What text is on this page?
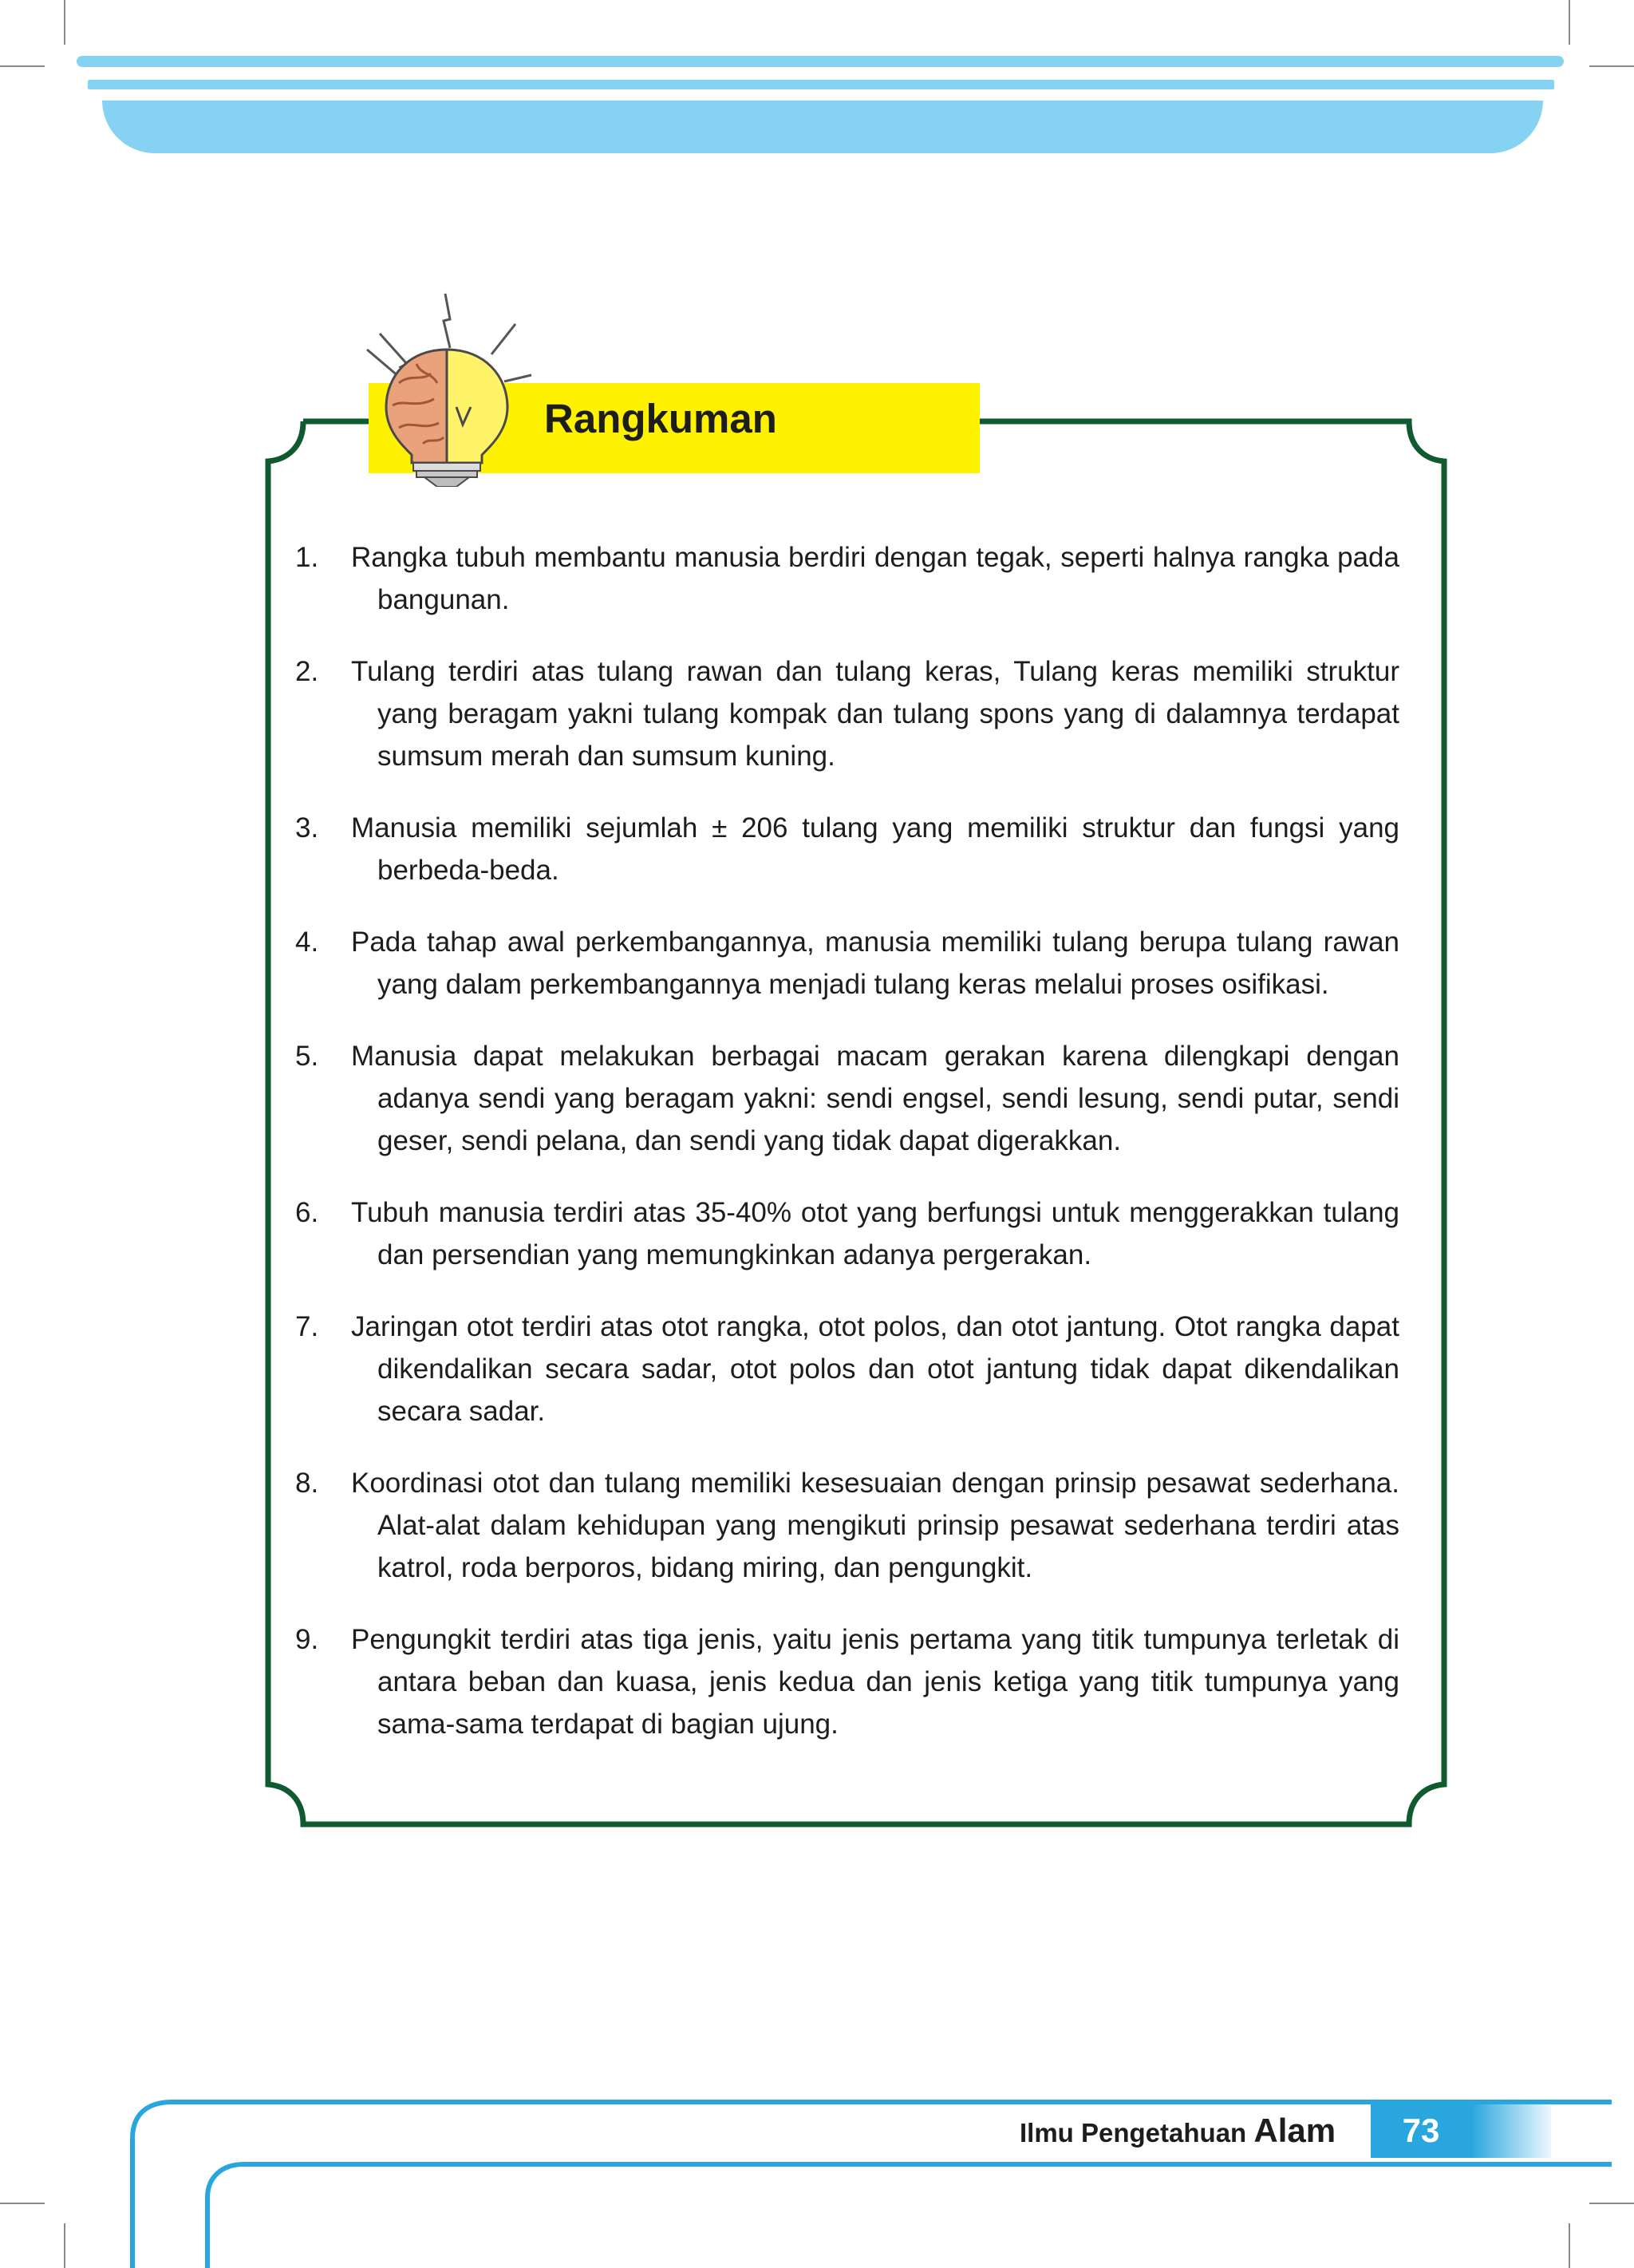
Rangkuman
1. Rangka tubuh membantu manusia berdiri dengan tegak, seperti halnya rangka pada bangunan.
2. Tulang terdiri atas tulang rawan dan tulang keras, Tulang keras memiliki struktur yang beragam yakni tulang kompak dan tulang spons yang di dalamnya terdapat sumsum merah dan sumsum kuning.
3. Manusia memiliki sejumlah ± 206 tulang yang memiliki struktur dan fungsi yang berbeda-beda.
4. Pada tahap awal perkembangannya, manusia memiliki tulang berupa tulang rawan yang dalam perkembangannya menjadi tulang keras melalui proses osifikasi.
5. Manusia dapat melakukan berbagai macam gerakan karena dilengkapi dengan adanya sendi yang beragam yakni: sendi engsel, sendi lesung, sendi putar, sendi geser, sendi pelana, dan sendi yang tidak dapat digerakkan.
6. Tubuh manusia terdiri atas 35-40% otot yang berfungsi untuk menggerakkan tulang dan persendian yang memungkinkan adanya pergerakan.
7. Jaringan otot terdiri atas otot rangka, otot polos, dan otot jantung. Otot rangka dapat dikendalikan secara sadar, otot polos dan otot jantung tidak dapat dikendalikan secara sadar.
8. Koordinasi otot dan tulang memiliki kesesuaian dengan prinsip pesawat sederhana. Alat-alat dalam kehidupan yang mengikuti prinsip pesawat sederhana terdiri atas katrol, roda berporos, bidang miring, dan pengungkit.
9. Pengungkit terdiri atas tiga jenis, yaitu jenis pertama yang titik tumpunya terletak di antara beban dan kuasa, jenis kedua dan jenis ketiga yang titik tumpunya yang sama-sama terdapat di bagian ujung.
Ilmu Pengetahuan Alam	73
